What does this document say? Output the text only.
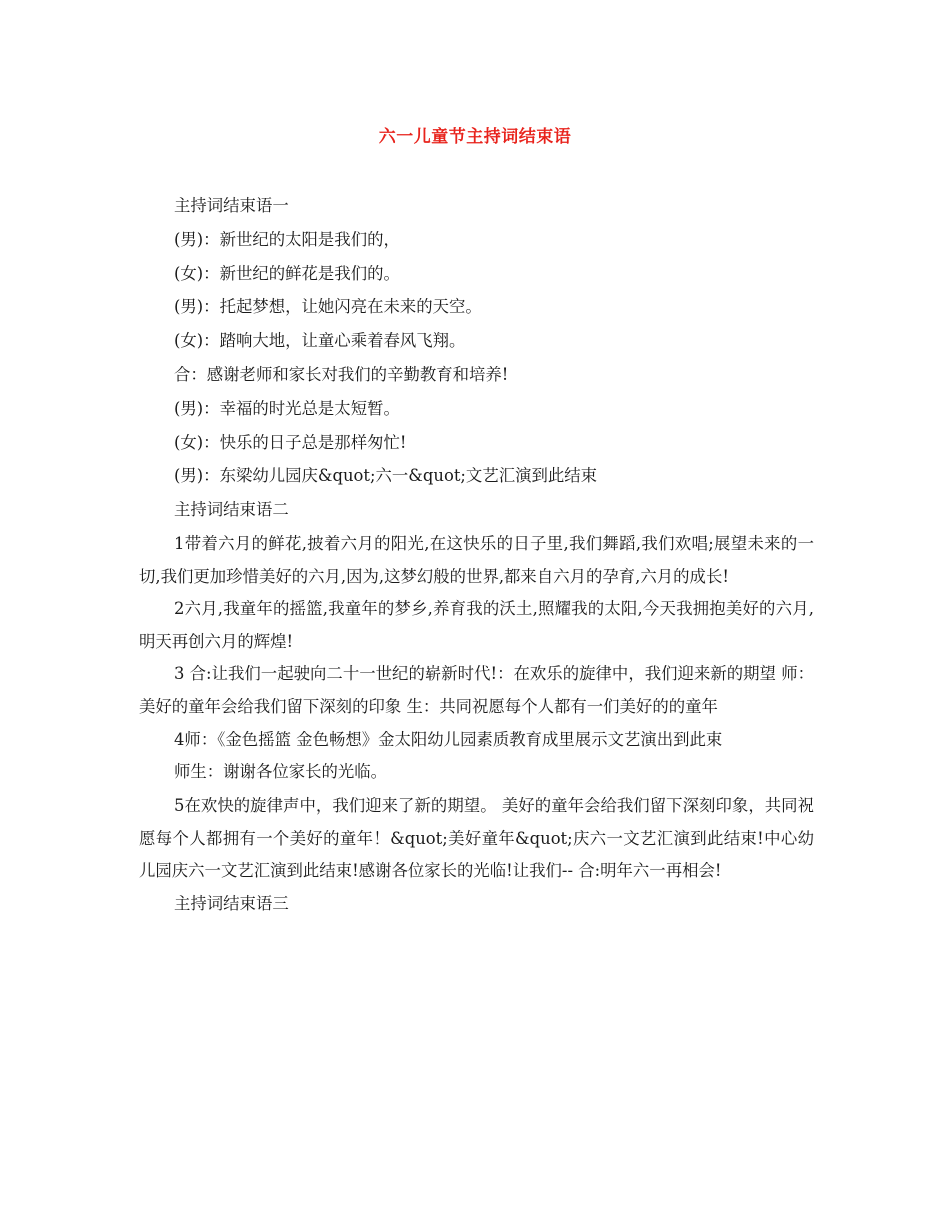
六一儿童节主持词结束语
主持词结束语一
(男)：新世纪的太阳是我们的，
(女)：新世纪的鲜花是我们的。
(男)：托起梦想，让她闪亮在未来的天空。
(女)：踏响大地，让童心乘着春风飞翔。
合：感谢老师和家长对我们的辛勤教育和培养!
(男)：幸福的时光总是太短暂。
(女)：快乐的日子总是那样匆忙!
(男)：东梁幼儿园庆&quot;六一&quot;文艺汇演到此结束
主持词结束语二
1带着六月的鲜花,披着六月的阳光,在这快乐的日子里,我们舞蹈,我们欢唱;展望未来的一切,我们更加珍惜美好的六月,因为,这梦幻般的世界,都来自六月的孕育,六月的成长!
2六月,我童年的摇篮,我童年的梦乡,养育我的沃土,照耀我的太阳,今天我拥抱美好的六月,明天再创六月的辉煌!
3 合:让我们一起驶向二十一世纪的崭新时代!：在欢乐的旋律中，我们迎来新的期望 师：美好的童年会给我们留下深刻的印象 生：共同祝愿每个人都有一们美好的的童年
4师：《金色摇篮 金色畅想》金太阳幼儿园素质教育成里展示文艺演出到此束
师生：谢谢各位家长的光临。
5在欢快的旋律声中，我们迎来了新的期望。 美好的童年会给我们留下深刻印象，共同祝愿每个人都拥有一个美好的童年！&quot;美好童年&quot;庆六一文艺汇演到此结束!中心幼儿园庆六一文艺汇演到此结束!感谢各位家长的光临!让我们-- 合:明年六一再相会!
主持词结束语三
